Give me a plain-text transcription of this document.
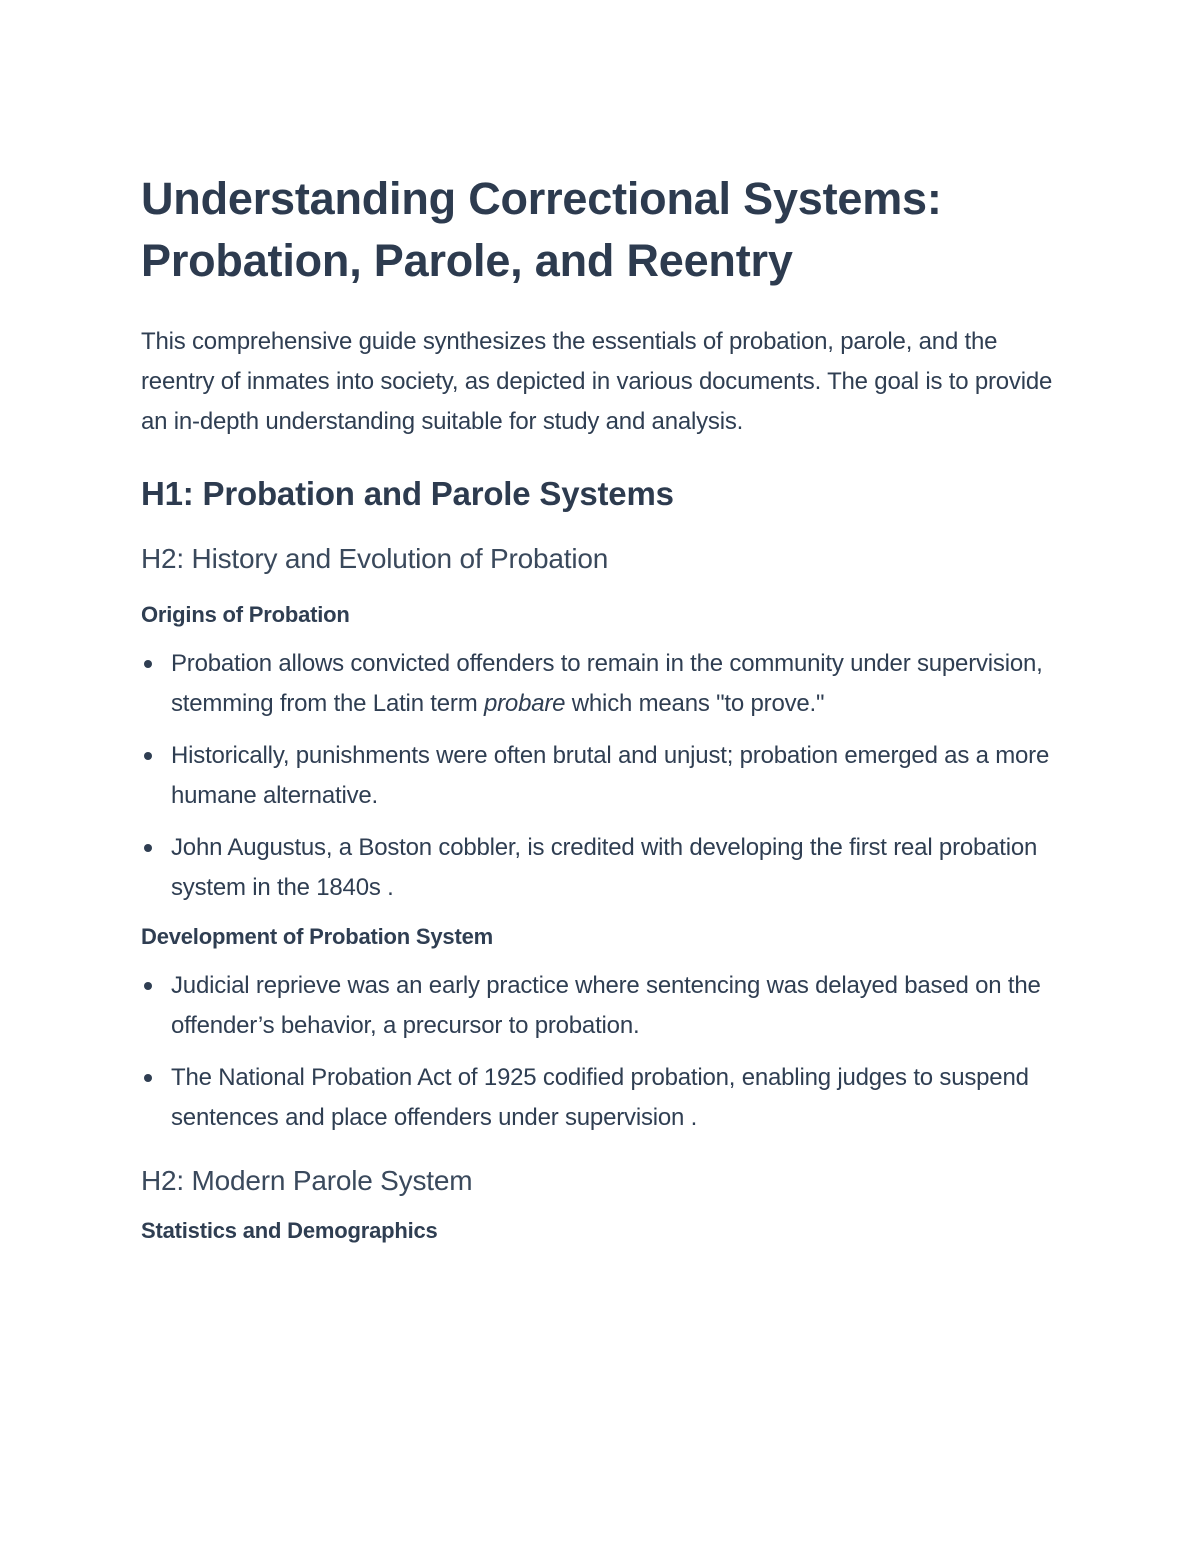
Understanding Correctional Systems:
Probation, Parole, and Reentry

This comprehensive guide synthesizes the essentials of probation, parole, and the reentry of inmates into society, as depicted in various documents. The goal is to provide an in-depth understanding suitable for study and analysis.

H1: Probation and Parole Systems
H2: History and Evolution of Probation
Origins of Probation
Probation allows convicted offenders to remain in the community under supervision, stemming from the Latin term probare which means "to prove."
Historically, punishments were often brutal and unjust; probation emerged as a more humane alternative.
John Augustus, a Boston cobbler, is credited with developing the first real probation system in the 1840s .
Development of Probation System
Judicial reprieve was an early practice where sentencing was delayed based on the offender’s behavior, a precursor to probation.
The National Probation Act of 1925 codified probation, enabling judges to suspend sentences and place offenders under supervision .
H2: Modern Parole System
Statistics and Demographics
